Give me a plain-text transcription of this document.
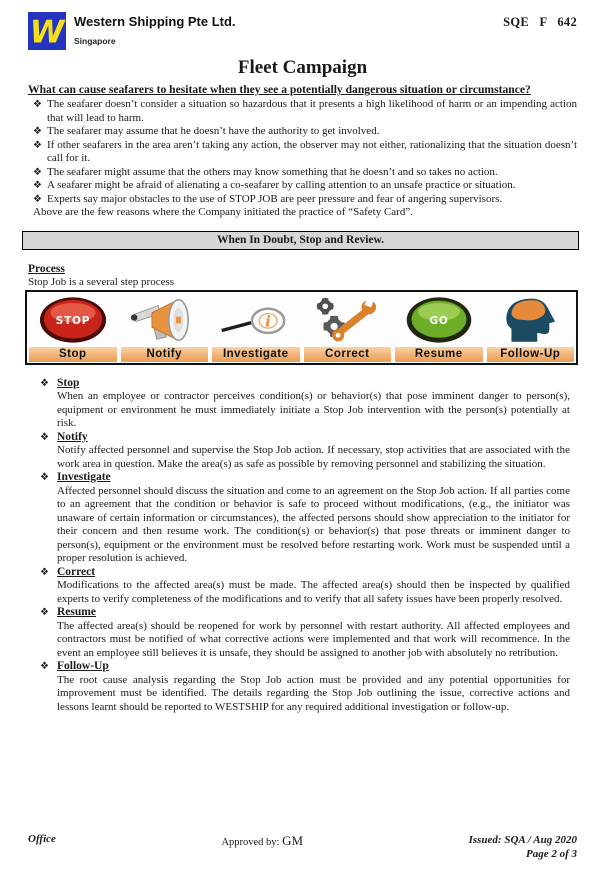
W Western Shipping Pte Ltd.
Singapore
SQE F 642
Fleet Campaign
What can cause seafarers to hesitate when they see a potentially dangerous situation or circumstance?
❖ The seafarer doesn’t consider a situation so hazardous that it presents a high likelihood of harm or an impending action that will lead to harm.
❖ The seafarer may assume that he doesn’t have the authority to get involved.
❖ If other seafarers in the area aren’t taking any action, the observer may not either, rationalizing that the situation doesn’t call for it.
❖ The seafarer might assume that the others may know something that he doesn’t and so takes no action.
❖ A seafarer might be afraid of alienating a co-seafarer by calling attention to an unsafe practice or situation.
❖ Experts say major obstacles to the use of STOP JOB are peer pressure and fear of angering supervisors.
Above are the few reasons where the Company initiated the practice of “Safety Card”.
When In Doubt, Stop and Review.
Process
Stop Job is a several step process
STOP
Stop	Notify
i
Investigate	Correct
GO
Resume	Follow-Up
❖ Stop
When an employee or contractor perceives condition(s) or behavior(s) that pose imminent danger to person(s), equipment or environment he must immediately initiate a Stop Job intervention with the person(s) potentially at risk.
❖ Notify
Notify affected personnel and supervise the Stop Job action. If necessary, stop activities that are associated with the work area in question. Make the area(s) as safe as possible by removing personnel and stabilizing the situation.
❖ Investigate
Affected personnel should discuss the situation and come to an agreement on the Stop Job action. If all parties come to an agreement that the condition or behavior is safe to proceed without modifications, (e.g., the initiator was unaware of certain information or circumstances), the affected persons should show appreciation to the initiator for their concern and then resume work. The condition(s) or behavior(s) that pose threats or imminent danger to person(s), equipment or the environment must be resolved before restarting work. Work must be suspended until a proper resolution is achieved.
❖ Correct
Modifications to the affected area(s) must be made. The affected area(s) should then be inspected by qualified experts to verify completeness of the modifications and to verify that all safety issues have been properly resolved.
❖ Resume
The affected area(s) should be reopened for work by personnel with restart authority. All affected employees and contractors must be notified of what corrective actions were implemented and that work will recommence. In the event an employee still believes it is unsafe, they should be assigned to another job with absolutely no retribution.
❖ Follow-Up
The root cause analysis regarding the Stop Job action must be provided and any potential opportunities for improvement must be identified. The details regarding the Stop Job outlining the issue, corrective actions and lessons learnt should be reported to WESTSHIP for any required additional investigation or follow-up.
Office	Approved by: GM	Issued: SQA / Aug 2020
Page 2 of 3
